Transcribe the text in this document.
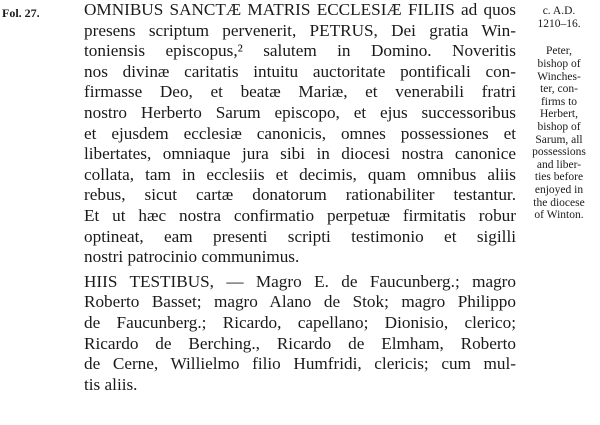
Fol. 27.	OMNIBUS SANCTÆ MATRIS ECCLESIÆ FILIIS ad quos
presens scriptum pervenerit, PETRUS, Dei gratia Win-
toniensis episcopus,² salutem in Domino. Noveritis
nos divinæ caritatis intuitu auctoritate pontificali con-
firmasse Deo, et beatæ Mariæ, et venerabili fratri
nostro Herberto Sarum episcopo, et ejus successoribus
et ejusdem ecclesiæ canonicis, omnes possessiones et
libertates, omniaque jura sibi in diocesi nostra canonice
collata, tam in ecclesiis et decimis, quam omnibus aliis
rebus, sicut cartæ donatorum rationabiliter testantur.
Et ut hæc nostra confirmatio perpetuæ firmitatis robur
optineat, eam presenti scripti testimonio et sigilli
nostri patrocinio communimus.
HIIS TESTIBUS, — Magro E. de Faucunberg.; magro
Roberto Basset; magro Alano de Stok; magro Philippo
de Faucunberg.; Ricardo, capellano; Dionisio, clerico;
Ricardo de Berching., Ricardo de Elmham, Roberto
de Cerne, Willielmo filio Humfridi, clericis; cum mul-
tis aliis.
c. A.D.
1210–16.
Peter,
bishop of
Winches-
ter, con-
firms to
Herbert,
bishop of
Sarum, all
possessions
and liber-
ties before
enjoyed in
the diocese
of Winton.
